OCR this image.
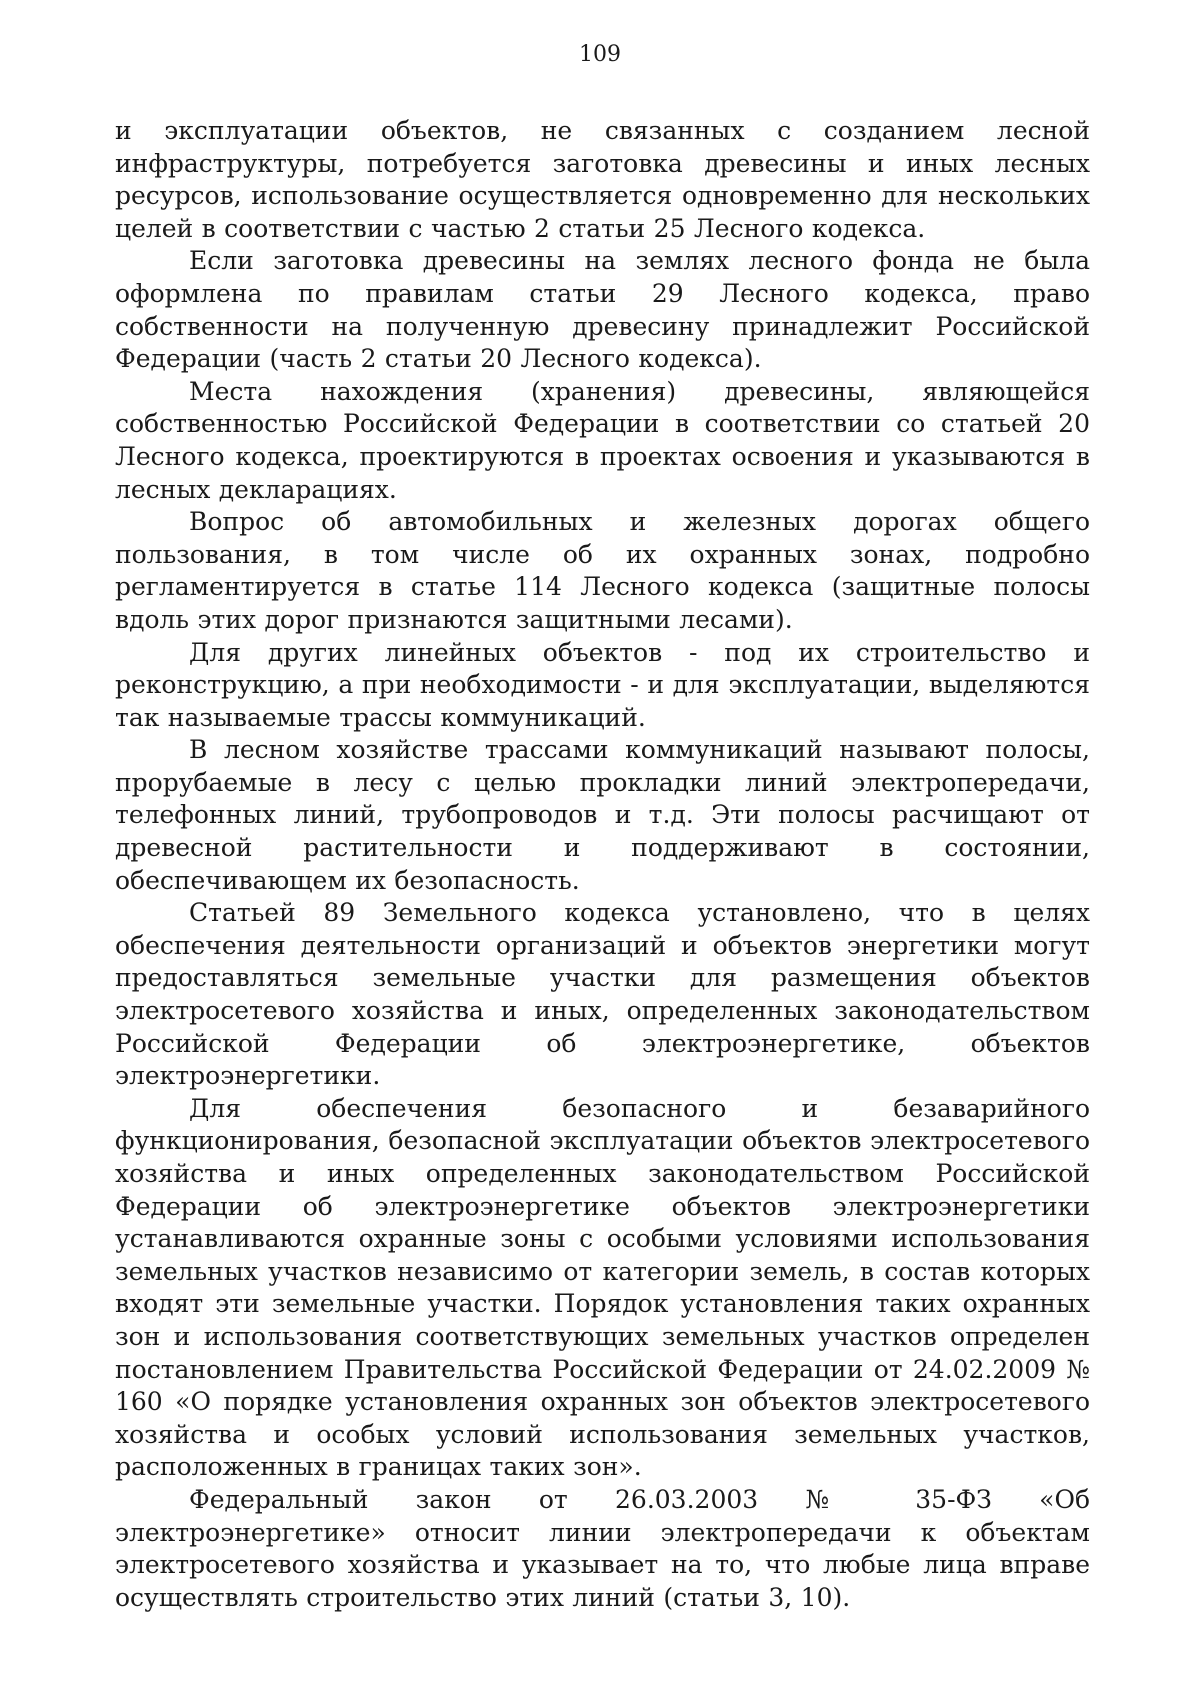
109

и эксплуатации объектов, не связанных с созданием лесной инфраструктуры, потребуется заготовка древесины и иных лесных ресурсов, использование осуществляется одновременно для нескольких целей в соответствии с частью 2 статьи 25 Лесного кодекса.

Если заготовка древесины на землях лесного фонда не была оформлена по правилам статьи 29 Лесного кодекса, право собственности на полученную древесину принадлежит Российской Федерации (часть 2 статьи 20 Лесного кодекса).

Места нахождения (хранения) древесины, являющейся собственностью Российской Федерации в соответствии со статьей 20 Лесного кодекса, проектируются в проектах освоения и указываются в лесных декларациях.

Вопрос об автомобильных и железных дорогах общего пользования, в том числе об их охранных зонах, подробно регламентируется в статье 114 Лесного кодекса (защитные полосы вдоль этих дорог признаются защитными лесами).

Для других линейных объектов - под их строительство и реконструкцию, а при необходимости - и для эксплуатации, выделяются так называемые трассы коммуникаций.

В лесном хозяйстве трассами коммуникаций называют полосы, прорубаемые в лесу с целью прокладки линий электропередачи, телефонных линий, трубопроводов и т.д. Эти полосы расчищают от древесной растительности и поддерживают в состоянии, обеспечивающем их безопасность.

Статьей 89 Земельного кодекса установлено, что в целях обеспечения деятельности организаций и объектов энергетики могут предоставляться земельные участки для размещения объектов электросетевого хозяйства и иных, определенных законодательством Российской Федерации об электроэнергетике, объектов электроэнергетики.

Для обеспечения безопасного и безаварийного функционирования, безопасной эксплуатации объектов электросетевого хозяйства и иных определенных законодательством Российской Федерации об электроэнергетике объектов электроэнергетики устанавливаются охранные зоны с особыми условиями использования земельных участков независимо от категории земель, в состав которых входят эти земельные участки. Порядок установления таких охранных зон и использования соответствующих земельных участков определен постановлением Правительства Российской Федерации от 24.02.2009 № 160 «О порядке установления охранных зон объектов электросетевого хозяйства и особых условий использования земельных участков, расположенных в границах таких зон».

Федеральный закон от 26.03.2003 № 35-ФЗ «Об электроэнергетике» относит линии электропередачи к объектам электросетевого хозяйства и указывает на то, что любые лица вправе осуществлять строительство этих линий (статьи 3, 10).
